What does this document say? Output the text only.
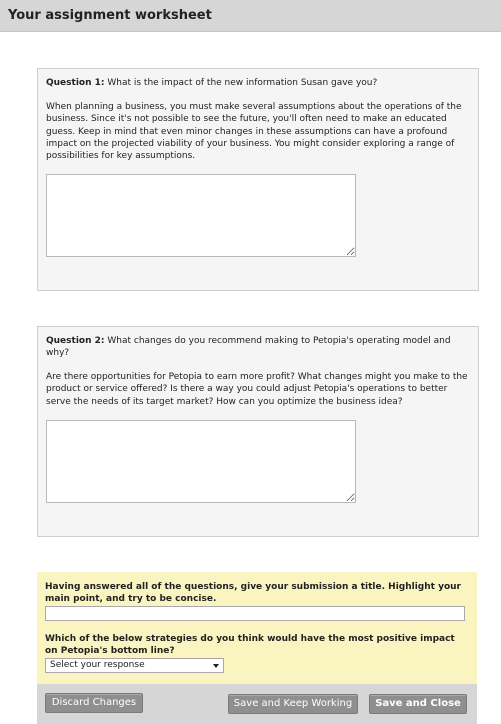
Your assignment worksheet
Question 1: What is the impact of the new information Susan gave you?
When planning a business, you must make several assumptions about the operations of the business. Since it's not possible to see the future, you'll often need to make an educated guess. Keep in mind that even minor changes in these assumptions can have a profound impact on the projected viability of your business. You might consider exploring a range of possibilities for key assumptions.
Question 2: What changes do you recommend making to Petopia's operating model and why?
Are there opportunities for Petopia to earn more profit? What changes might you make to the product or service offered? Is there a way you could adjust Petopia's operations to better serve the needs of its target market? How can you optimize the business idea?
Having answered all of the questions, give your submission a title. Highlight your main point, and try to be concise.
Which of the below strategies do you think would have the most positive impact on Petopia's bottom line?
Select your response
Discard Changes	Save and Keep Working	Save and Close
